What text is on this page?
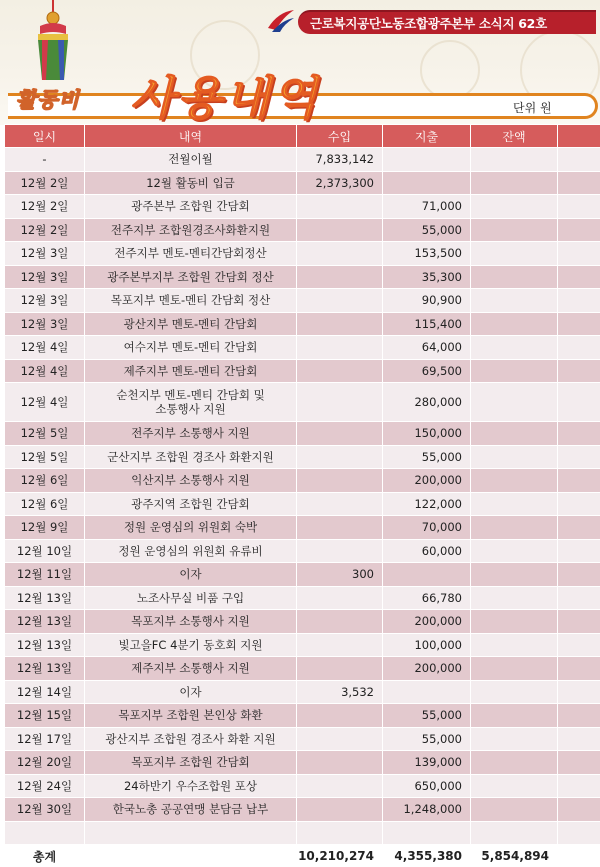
근로복지공단노동조합광주본부 소식지 62호
활동비 사용내역	단위 원
일시	내역	수입	지출	잔액	
-	전월이월	7,833,142			
12월 2일	12월 활동비 입금	2,373,300			
12월 2일	광주본부 조합원 간담회		71,000		
12월 2일	전주지부 조합원경조사화환지원		55,000		
12월 3일	전주지부 멘토-멘티간담회정산		153,500		
12월 3일	광주본부지부 조합원 간담회 정산		35,300		
12월 3일	목포지부 멘토-멘티 간담회 정산		90,900		
12월 3일	광산지부 멘토-멘티 간담회		115,400		
12월 4일	여수지부 멘토-멘티 간담회		64,000		
12월 4일	제주지부 멘토-멘티 간담회		69,500		
12월 4일	순천지부 멘토-멘티 간담회 및
소통행사 지원		280,000		
12월 5일	전주지부 소통행사 지원		150,000		
12월 5일	군산지부 조합원 경조사 화환지원		55,000		
12월 6일	익산지부 소통행사 지원		200,000		
12월 6일	광주지역 조합원 간담회		122,000		
12월 9일	정원 운영심의 위원회 숙박		70,000		
12월 10일	정원 운영심의 위원회 유류비		60,000		
12월 11일	이자	300			
12월 13일	노조사무실 비품 구입		66,780		
12월 13일	목포지부 소통행사 지원		200,000		
12월 13일	빛고을FC 4분기 동호회 지원		100,000		
12월 13일	제주지부 소통행사 지원		200,000		
12월 14일	이자	3,532			
12월 15일	목포지부 조합원 본인상 화환		55,000		
12월 17일	광산지부 조합원 경조사 화환 지원		55,000		
12월 20일	목포지부 조합원 간담회		139,000		
12월 24일	24하반기 우수조합원 포상		650,000		
12월 30일	한국노총 공공연맹 분담금 납부		1,248,000		

총계		10,210,274	4,355,380	5,854,894	
